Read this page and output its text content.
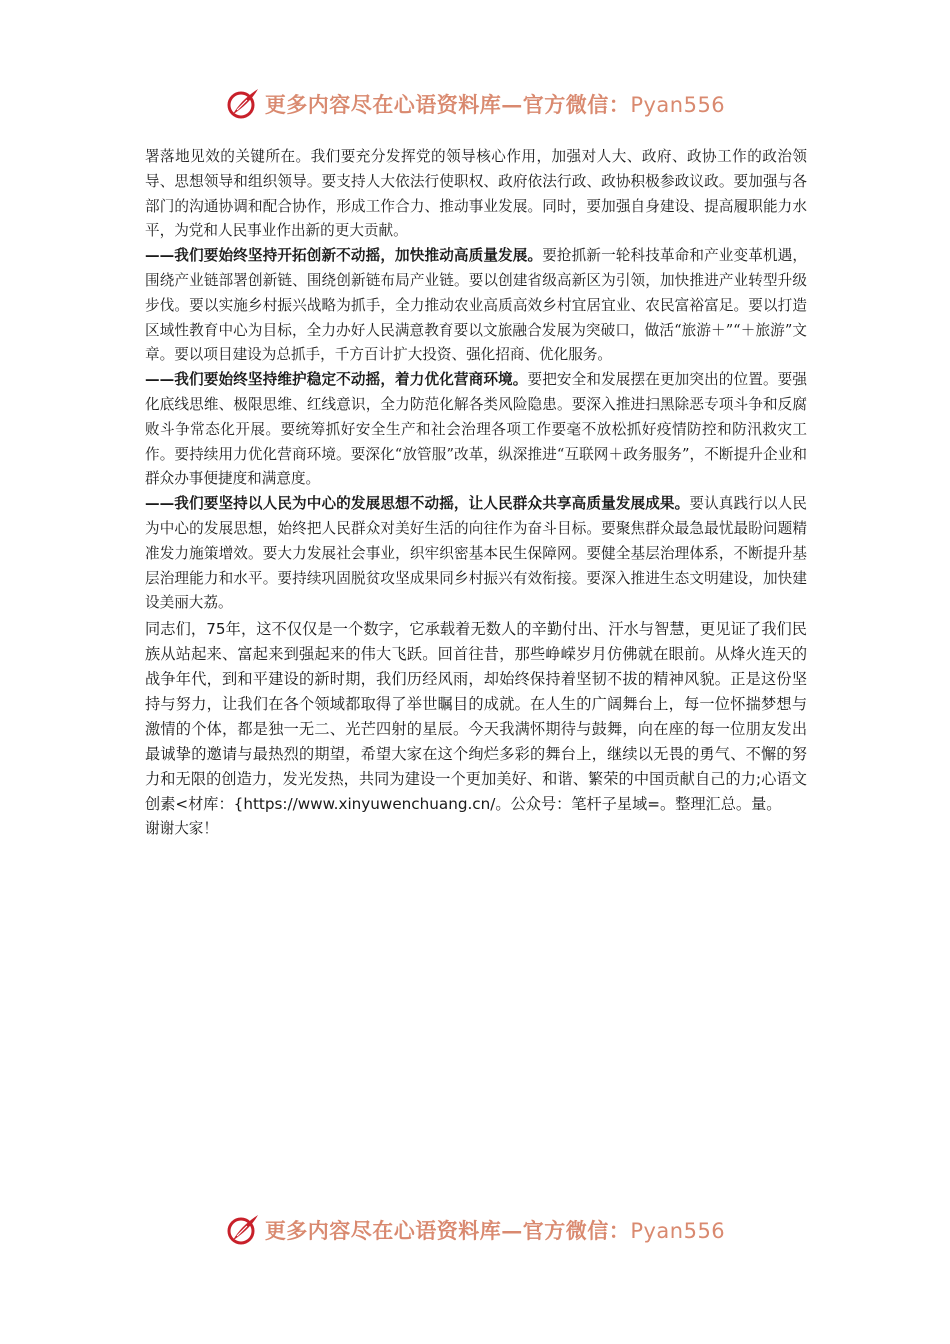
更多内容尽在心语资料库—官方微信：Pyan556

署落地见效的关键所在。我们要充分发挥党的领导核心作用，加强对人大、政府、政协工作的政治领导、思想领导和组织领导。要支持人大依法行使职权、政府依法行政、政协积极参政议政。要加强与各部门的沟通协调和配合协作，形成工作合力、推动事业发展。同时，要加强自身建设、提高履职能力水平，为党和人民事业作出新的更大贡献。

——我们要始终坚持开拓创新不动摇，加快推动高质量发展。要抢抓新一轮科技革命和产业变革机遇，围绕产业链部署创新链、围绕创新链布局产业链。要以创建省级高新区为引领，加快推进产业转型升级步伐。要以实施乡村振兴战略为抓手，全力推动农业高质高效乡村宜居宜业、农民富裕富足。要以打造区域性教育中心为目标，全力办好人民满意教育要以文旅融合发展为突破口，做活“旅游＋”“＋旅游”文章。要以项目建设为总抓手，千方百计扩大投资、强化招商、优化服务。

——我们要始终坚持维护稳定不动摇，着力优化营商环境。要把安全和发展摆在更加突出的位置。要强化底线思维、极限思维、红线意识，全力防范化解各类风险隐患。要深入推进扫黑除恶专项斗争和反腐败斗争常态化开展。要统筹抓好安全生产和社会治理各项工作要毫不放松抓好疫情防控和防汛救灾工作。要持续用力优化营商环境。要深化“放管服”改革，纵深推进“互联网＋政务服务”，不断提升企业和群众办事便捷度和满意度。

——我们要坚持以人民为中心的发展思想不动摇，让人民群众共享高质量发展成果。要认真践行以人民为中心的发展思想，始终把人民群众对美好生活的向往作为奋斗目标。要聚焦群众最急最忧最盼问题精准发力施策增效。要大力发展社会事业，织牢织密基本民生保障网。要健全基层治理体系，不断提升基层治理能力和水平。要持续巩固脱贫攻坚成果同乡村振兴有效衔接。要深入推进生态文明建设，加快建设美丽大荔。

同志们，75年，这不仅仅是一个数字，它承载着无数人的辛勤付出、汗水与智慧，更见证了我们民族从站起来、富起来到强起来的伟大飞跃。回首往昔，那些峥嵘岁月仿佛就在眼前。从烽火连天的战争年代，到和平建设的新时期，我们历经风雨，却始终保持着坚韧不拔的精神风貌。正是这份坚持与努力，让我们在各个领域都取得了举世瞩目的成就。在人生的广阔舞台上，每一位怀揣梦想与激情的个体，都是独一无二、光芒四射的星辰。今天我满怀期待与鼓舞，向在座的每一位朋友发出最诚挚的邀请与最热烈的期望，希望大家在这个绚烂多彩的舞台上，继续以无畏的勇气、不懈的努力和无限的创造力，发光发热，共同为建设一个更加美好、和谐、繁荣的中国贡献自己的力;心语文创素<材库：{https://www.xinyuwenchuang.cn/。公众号：笔杆子星域=。整理汇总。量。

谢谢大家！

更多内容尽在心语资料库—官方微信：Pyan556
